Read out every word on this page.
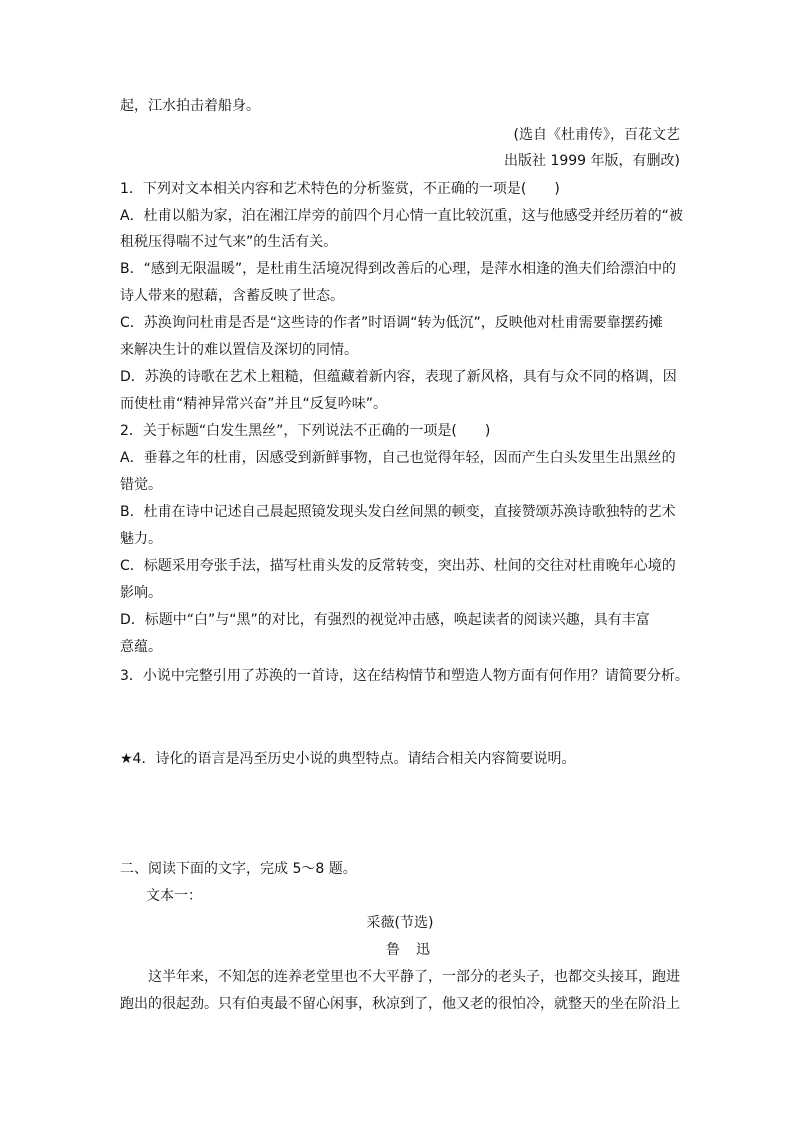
起，江水拍击着船身。
(选自《杜甫传》，百花文艺
出版社 1999 年版，有删改)
1．下列对文本相关内容和艺术特色的分析鉴赏，不正确的一项是(　　)
A．杜甫以船为家，泊在湘江岸旁的前四个月心情一直比较沉重，这与他感受并经历着的“被
租税压得喘不过气来”的生活有关。
B．“感到无限温暖”，是杜甫生活境况得到改善后的心理，是萍水相逢的渔夫们给漂泊中的
诗人带来的慰藉，含蓄反映了世态。
C．苏涣询问杜甫是否是“这些诗的作者”时语调“转为低沉”，反映他对杜甫需要靠摆药摊
来解决生计的难以置信及深切的同情。
D．苏涣的诗歌在艺术上粗糙，但蕴藏着新内容，表现了新风格，具有与众不同的格调，因
而使杜甫“精神异常兴奋”并且“反复吟味”。
2．关于标题“白发生黑丝”，下列说法不正确的一项是(　　)
A．垂暮之年的杜甫，因感受到新鲜事物，自己也觉得年轻，因而产生白头发里生出黑丝的
错觉。
B．杜甫在诗中记述自己晨起照镜发现头发白丝间黑的顿变，直接赞颂苏涣诗歌独特的艺术
魅力。
C．标题采用夸张手法，描写杜甫头发的反常转变，突出苏、杜间的交往对杜甫晚年心境的
影响。
D．标题中“白”与“黑”的对比，有强烈的视觉冲击感，唤起读者的阅读兴趣，具有丰富
意蕴。
3．小说中完整引用了苏涣的一首诗，这在结构情节和塑造人物方面有何作用？请简要分析。
★4．诗化的语言是冯至历史小说的典型特点。请结合相关内容简要说明。
二、阅读下面的文字，完成 5～8 题。
文本一：
采薇(节选)
鲁迅
这半年来，不知怎的连养老堂里也不大平静了，一部分的老头子，也都交头接耳，跑进
跑出的很起劲。只有伯夷最不留心闲事，秋凉到了，他又老的很怕冷，就整天的坐在阶沿上
